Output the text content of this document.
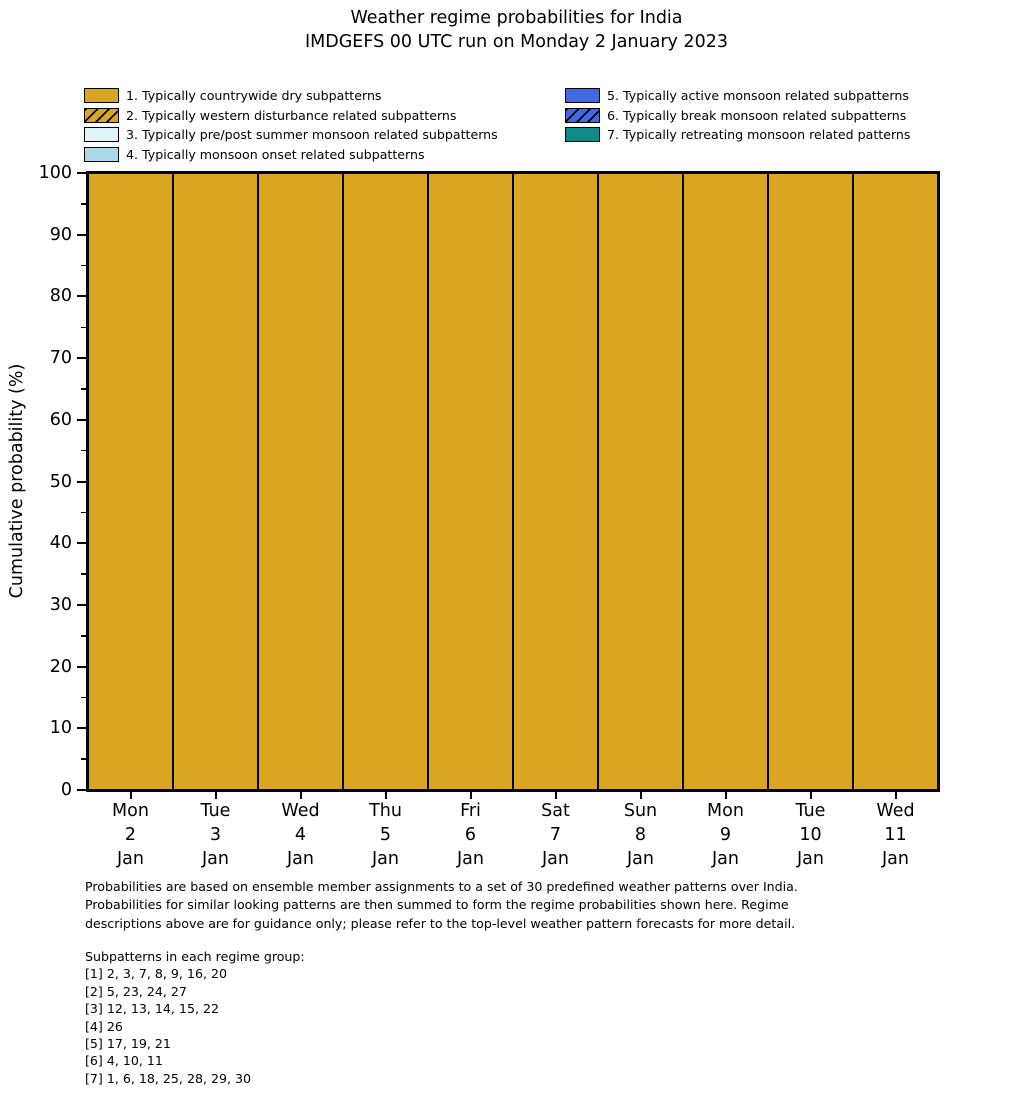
Weather regime probabilities for India
IMDGEFS 00 UTC run on Monday 2 January 2023
1. Typically countrywide dry subpatterns
2. Typically western disturbance related subpatterns
3. Typically pre/post summer monsoon related subpatterns
4. Typically monsoon onset related subpatterns
5. Typically active monsoon related subpatterns
6. Typically break monsoon related subpatterns
7. Typically retreating monsoon related patterns
Cumulative probability (%)
0
10
20
30
40
50
60
70
80
90
100
Mon
2
Jan
Tue
3
Jan
Wed
4
Jan
Thu
5
Jan
Fri
6
Jan
Sat
7
Jan
Sun
8
Jan
Mon
9
Jan
Tue
10
Jan
Wed
11
Jan
Probabilities are based on ensemble member assignments to a set of 30 predefined weather patterns over India.
Probabilities for similar looking patterns are then summed to form the regime probabilities shown here. Regime
descriptions above are for guidance only; please refer to the top-level weather pattern forecasts for more detail.
Subpatterns in each regime group:
[1] 2, 3, 7, 8, 9, 16, 20
[2] 5, 23, 24, 27
[3] 12, 13, 14, 15, 22
[4] 26
[5] 17, 19, 21
[6] 4, 10, 11
[7] 1, 6, 18, 25, 28, 29, 30
